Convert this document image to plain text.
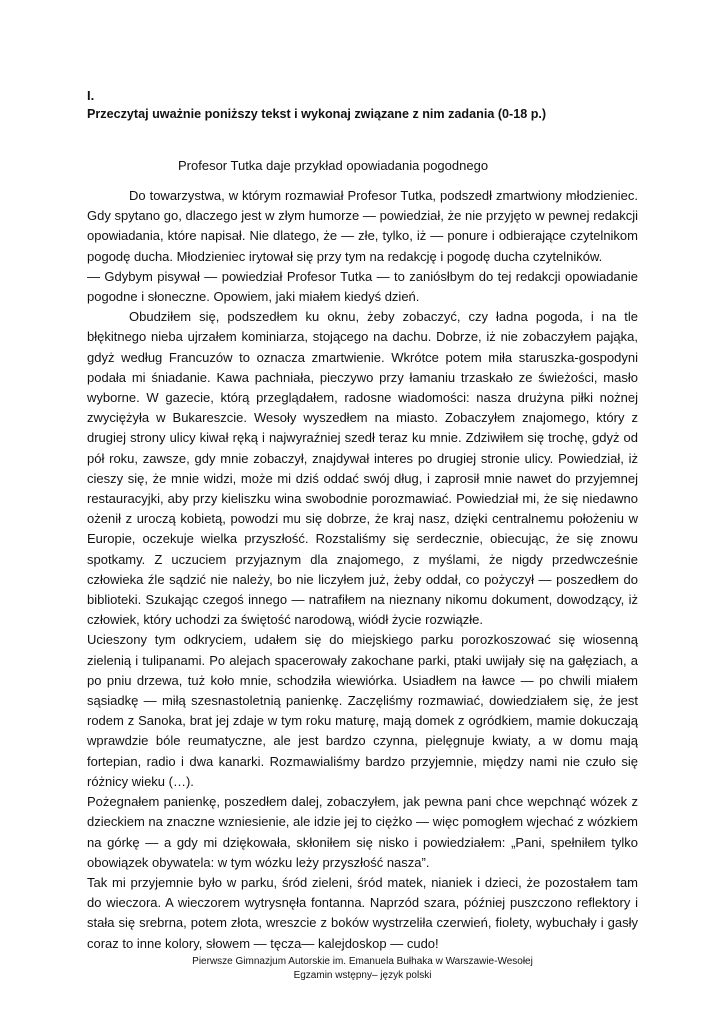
I.
Przeczytaj uważnie poniższy tekst i wykonaj związane z nim zadania (0-18 p.)
Profesor Tutka daje przykład opowiadania pogodnego

Do towarzystwa, w którym rozmawiał Profesor Tutka, podszedł zmartwiony młodzieniec. Gdy spytano go, dlaczego jest w złym humorze — powiedział, że nie przyjęto w pewnej redakcji opowiadania, które napisał. Nie dlatego, że — złe, tylko, iż — ponure i odbierające czytelnikom pogodę ducha. Młodzieniec irytował się przy tym na redakcję i pogodę ducha czytelników.

— Gdybym pisywał — powiedział Profesor Tutka — to zaniósłbym do tej redakcji opowiadanie pogodne i słoneczne. Opowiem, jaki miałem kiedyś dzień.

Obudziłem się, podszedłem ku oknu, żeby zobaczyć, czy ładna pogoda, i na tle błękitnego nieba ujrzałem kominiarza, stojącego na dachu. Dobrze, iż nie zobaczyłem pająka, gdyż według Francuzów to oznacza zmartwienie. Wkrótce potem miła staruszka-gospodyni podała mi śniadanie. Kawa pachniała, pieczywo przy łamaniu trzaskało ze świeżości, masło wyborne. W gazecie, którą przeglądałem, radosne wiadomości: nasza drużyna piłki nożnej zwyciężyła w Bukareszcie. Wesoły wyszedłem na miasto. Zobaczyłem znajomego, który z drugiej strony ulicy kiwał ręką i najwyraźniej szedł teraz ku mnie. Zdziwiłem się trochę, gdyż od pół roku, zawsze, gdy mnie zobaczył, znajdywał interes po drugiej stronie ulicy. Powiedział, iż cieszy się, że mnie widzi, może mi dziś oddać swój dług, i zaprosił mnie nawet do przyjemnej restauracyjki, aby przy kieliszku wina swobodnie porozmawiać. Powiedział mi, że się niedawno ożenił z uroczą kobietą, powodzi mu się dobrze, że kraj nasz, dzięki centralnemu położeniu w Europie, oczekuje wielka przyszłość. Rozstaliśmy się serdecznie, obiecując, że się znowu spotkamy. Z uczuciem przyjaznym dla znajomego, z myślami, że nigdy przedwcześnie człowieka źle sądzić nie należy, bo nie liczyłem już, żeby oddał, co pożyczył — poszedłem do biblioteki. Szukając czegoś innego — natrafiłem na nieznany nikomu dokument, dowodzący, iż człowiek, który uchodzi za świętość narodową, wiódł życie rozwiązłe.

Ucieszony tym odkryciem, udałem się do miejskiego parku porozkoszować się wiosenną zielenią i tulipanami. Po alejach spacerowały zakochane parki, ptaki uwijały się na gałęziach, a po pniu drzewa, tuż koło mnie, schodziła wiewiórka. Usiadłem na ławce — po chwili miałem sąsiadkę — miłą szesnastoletnią panienkę. Zaczęliśmy rozmawiać, dowiedziałem się, że jest rodem z Sanoka, brat jej zdaje w tym roku maturę, mają domek z ogródkiem, mamie dokuczają wprawdzie bóle reumatyczne, ale jest bardzo czynna, pielęgnuje kwiaty, a w domu mają fortepian, radio i dwa kanarki. Rozmawialiśmy bardzo przyjemnie, między nami nie czuło się różnicy wieku (…).

Pożegnałem panienkę, poszedłem dalej, zobaczyłem, jak pewna pani chce wepchnąć wózek z dzieckiem na znaczne wzniesienie, ale idzie jej to ciężko — więc pomogłem wjechać z wózkiem na górkę — a gdy mi dziękowała, skłoniłem się nisko i powiedziałem: „Pani, spełniłem tylko obowiązek obywatela: w tym wózku leży przyszłość nasza”.

Tak mi przyjemnie było w parku, śród zieleni, śród matek, nianiek i dzieci, że pozostałem tam do wieczora. A wieczorem wytrysnęła fontanna. Naprzód szara, później puszczono reflektory i stała się srebrna, potem złota, wreszcie z boków wystrzeliła czerwień, fiolety, wybuchały i gasły coraz to inne kolory, słowem — tęcza— kalejdoskop — cudo!

Pierwsze Gimnazjum Autorskie im. Emanuela Bułhaka w Warszawie-Wesołej
Egzamin wstępny– język polski
